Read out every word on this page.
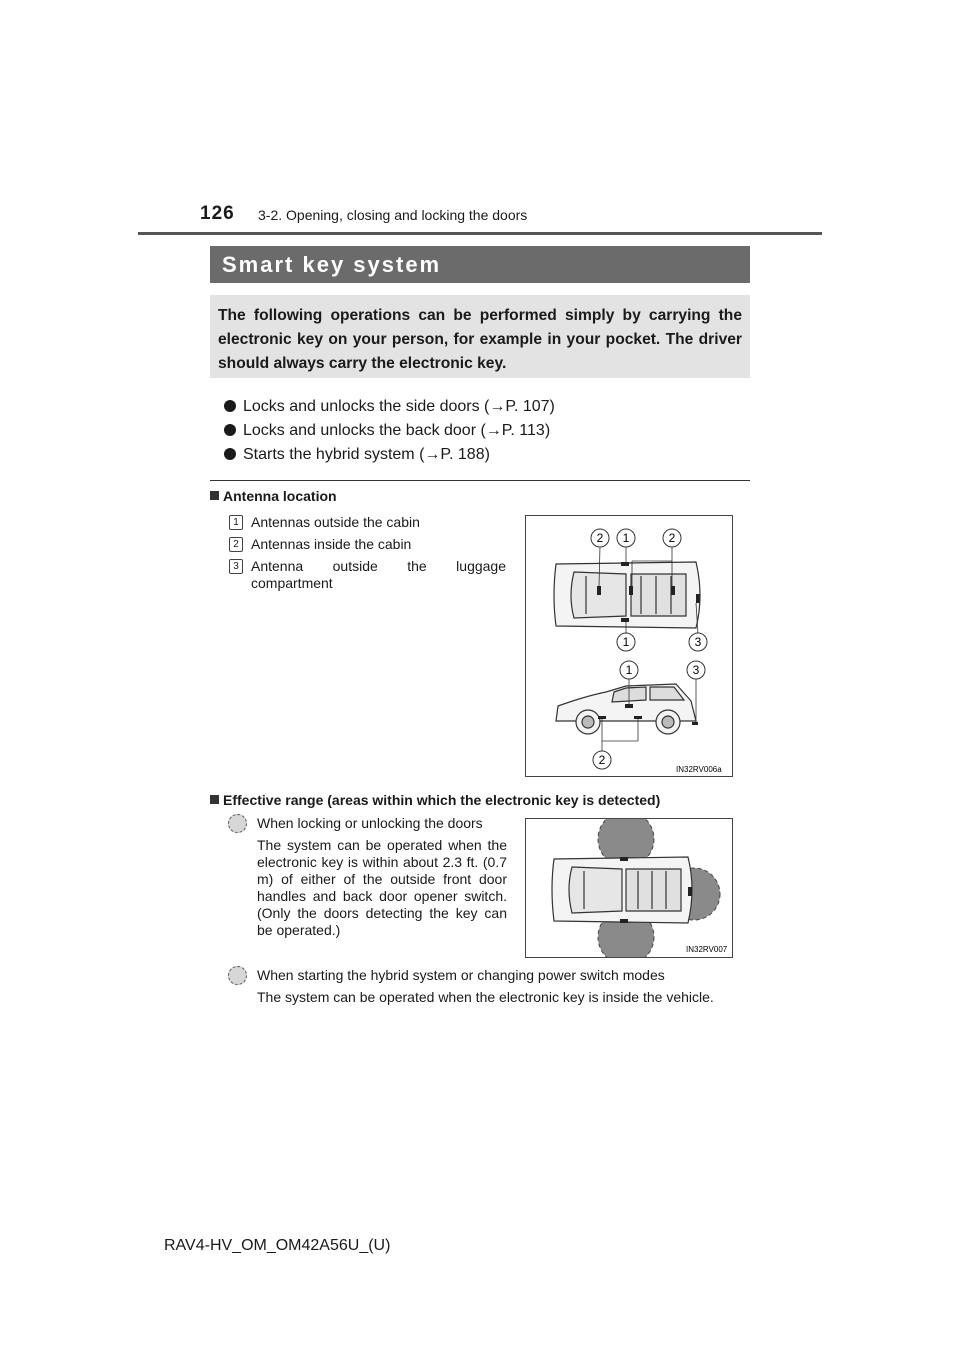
126 3-2. Opening, closing and locking the doors
Smart key system

The following operations can be performed simply by carrying the electronic key on your person, for example in your pocket. The driver should always carry the electronic key.

Locks and unlocks the side doors (→P. 107)
Locks and unlocks the back door (→P. 113)
Starts the hybrid system (→P. 188)
Antenna location
1 Antennas outside the cabin
2 Antennas inside the cabin
3 Antenna outside the luggage compartment
2 1	2
1	3
1	3
2
IN32RV006a
Effective range (areas within which the electronic key is detected)
When locking or unlocking the doors
The system can be operated when the electronic key is within about 2.3 ft. (0.7 m) of either of the outside front door handles and back door opener switch. (Only the doors detecting the key can be operated.)
IN32RV007
When starting the hybrid system or changing power switch modes
The system can be operated when the electronic key is inside the vehicle.
RAV4-HV_OM_OM42A56U_(U)
